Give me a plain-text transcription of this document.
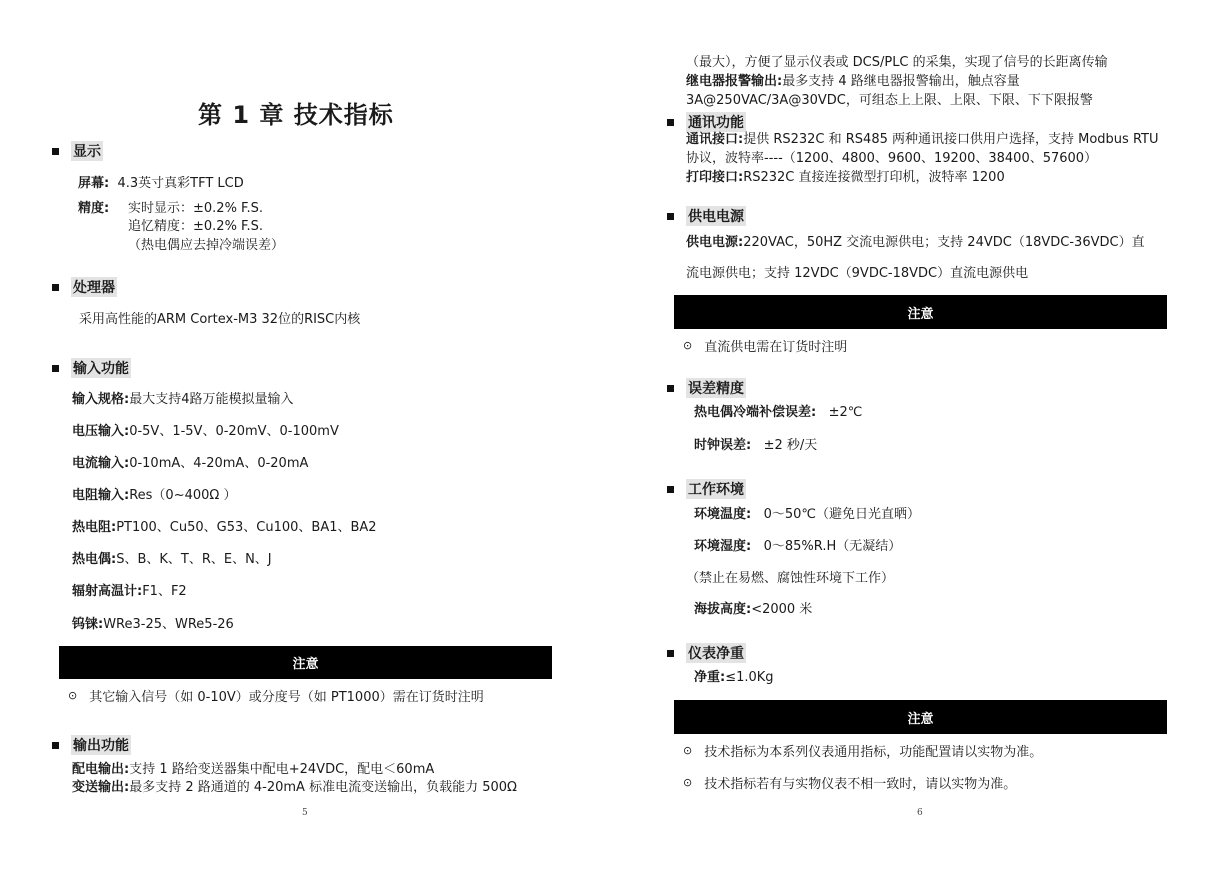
第 1 章 技术指标
显示
屏幕: 4.3英寸真彩TFT LCD
精度: 实时显示：±0.2% F.S.
追忆精度：±0.2% F.S.
（热电偶应去掉冷端误差）
处理器
采用高性能的ARM Cortex-M3 32位的RISC内核
输入功能
输入规格:最大支持4路万能模拟量输入
电压输入:0-5V、1-5V、0-20mV、0-100mV
电流输入:0-10mA、4-20mA、0-20mA
电阻输入:Res（0~400Ω ）
热电阻:PT100、Cu50、G53、Cu100、BA1、BA2
热电偶:S、B、K、T、R、E、N、J
辐射高温计:F1、F2
钨铼:WRe3-25、WRe5-26
注意
⊙ 其它输入信号（如 0-10V）或分度号（如 PT1000）需在订货时注明
输出功能
配电输出:支持 1 路给变送器集中配电+24VDC，配电＜60mA
变送输出:最多支持 2 路通道的 4-20mA 标准电流变送输出，负载能力 500Ω
5
（最大），方便了显示仪表或 DCS/PLC 的采集，实现了信号的长距离传输
继电器报警输出:最多支持 4 路继电器报警输出，触点容量
3A@250VAC/3A@30VDC，可组态上上限、上限、下限、下下限报警
通讯功能
通讯接口:提供 RS232C 和 RS485 两种通讯接口供用户选择，支持 Modbus RTU
协议，波特率----（1200、4800、9600、19200、38400、57600）
打印接口:RS232C 直接连接微型打印机，波特率 1200
供电电源
供电电源:220VAC，50HZ 交流电源供电；支持 24VDC（18VDC-36VDC）直
流电源供电；支持 12VDC（9VDC-18VDC）直流电源供电
注意
⊙ 直流供电需在订货时注明
误差精度
热电偶冷端补偿误差: ±2℃
时钟误差: ±2 秒/天
工作环境
环境温度: 0～50℃（避免日光直晒）
环境湿度: 0～85%R.H（无凝结）
（禁止在易燃、腐蚀性环境下工作）
海拔高度:<2000 米
仪表净重
净重:≤1.0Kg
注意
⊙ 技术指标为本系列仪表通用指标，功能配置请以实物为准。
⊙ 技术指标若有与实物仪表不相一致时，请以实物为准。
6
